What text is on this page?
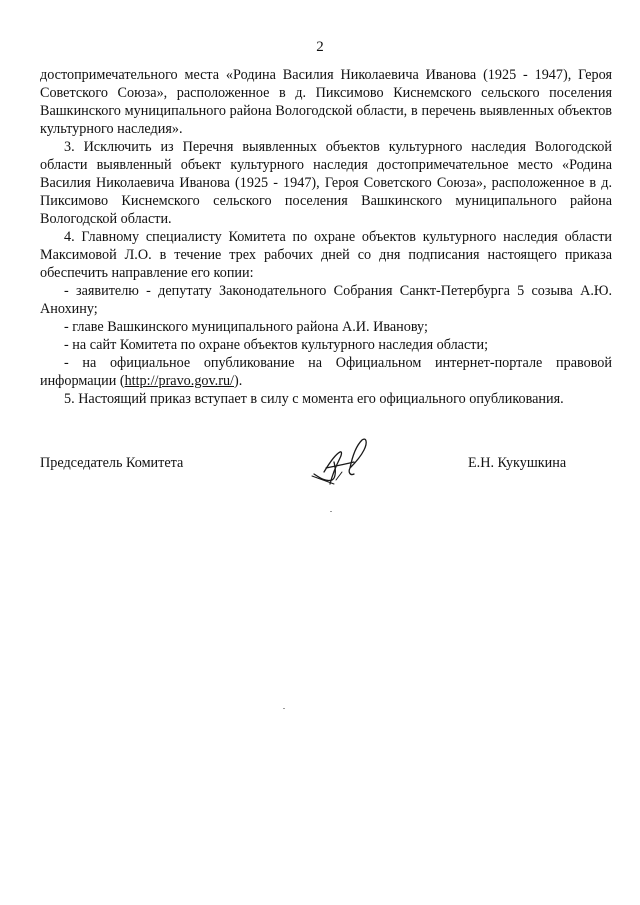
2

достопримечательного места «Родина Василия Николаевича Иванова (1925 - 1947), Героя Советского Союза», расположенное в д. Пиксимово Киснемского сельского поселения Вашкинского муниципального района Вологодской области, в перечень выявленных объектов культурного наследия».

3. Исключить из Перечня выявленных объектов культурного наследия Вологодской области выявленный объект культурного наследия достопримечательное место «Родина Василия Николаевича Иванова (1925 - 1947), Героя Советского Союза», расположенное в д. Пиксимово Киснемского сельского поселения Вашкинского муниципального района Вологодской области.

4. Главному специалисту Комитета по охране объектов культурного наследия области Максимовой Л.О. в течение трех рабочих дней со дня подписания настоящего приказа обеспечить направление его копии:

- заявителю - депутату Законодательного Собрания Санкт-Петербурга 5 созыва А.Ю. Анохину;

- главе Вашкинского муниципального района А.И. Иванову;

- на сайт Комитета по охране объектов культурного наследия области;

- на официальное опубликование на Официальном интернет-портале правовой информации (http://pravo.gov.ru/).

5. Настоящий приказ вступает в силу с момента его официального опубликования.

Председатель Комитета	Е.Н. Кукушкина
